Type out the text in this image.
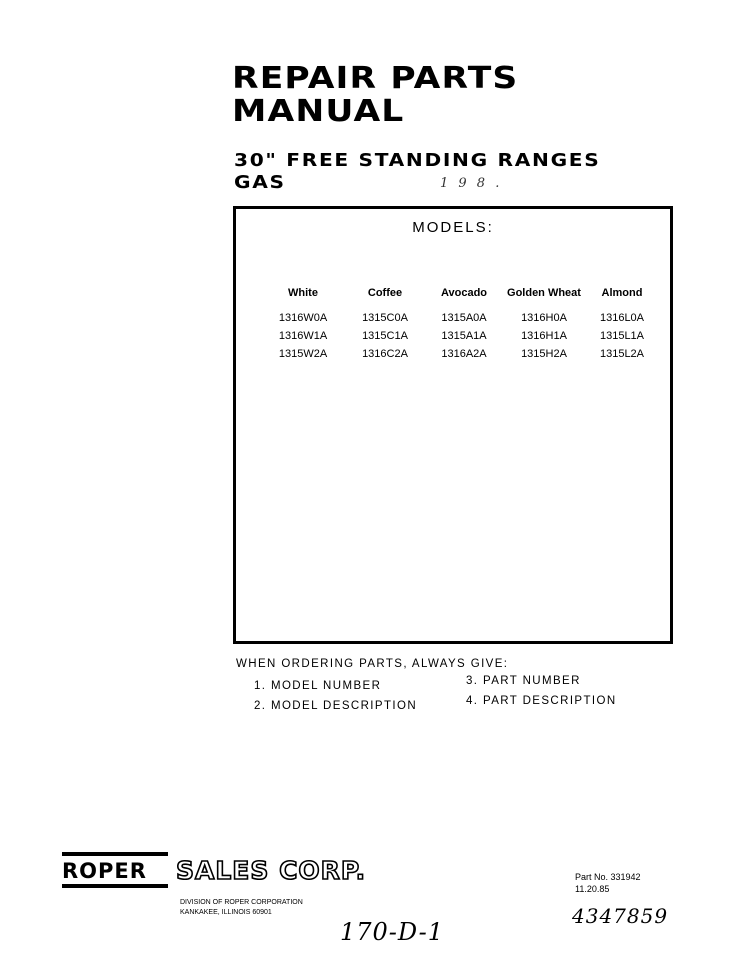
REPAIR PARTS
MANUAL
30" FREE STANDING RANGES
GAS	1 9 8 .
MODELS:
White
1316W0A
1316W1A
1315W2A
Coffee
1315C0A
1315C1A
1316C2A
Avocado
1315A0A
1315A1A
1316A2A
Golden Wheat
1316H0A
1316H1A
1315H2A
Almond
1316L0A
1315L1A
1315L2A
WHEN ORDERING PARTS, ALWAYS GIVE:
1. MODEL NUMBER
2. MODEL DESCRIPTION
3. PART NUMBER
4. PART DESCRIPTION
ROPER SALES CORP.
DIVISION OF ROPER CORPORATION
KANKAKEE, ILLINOIS 60901
Part No. 331942
11.20.85
4347859
170-D-1
